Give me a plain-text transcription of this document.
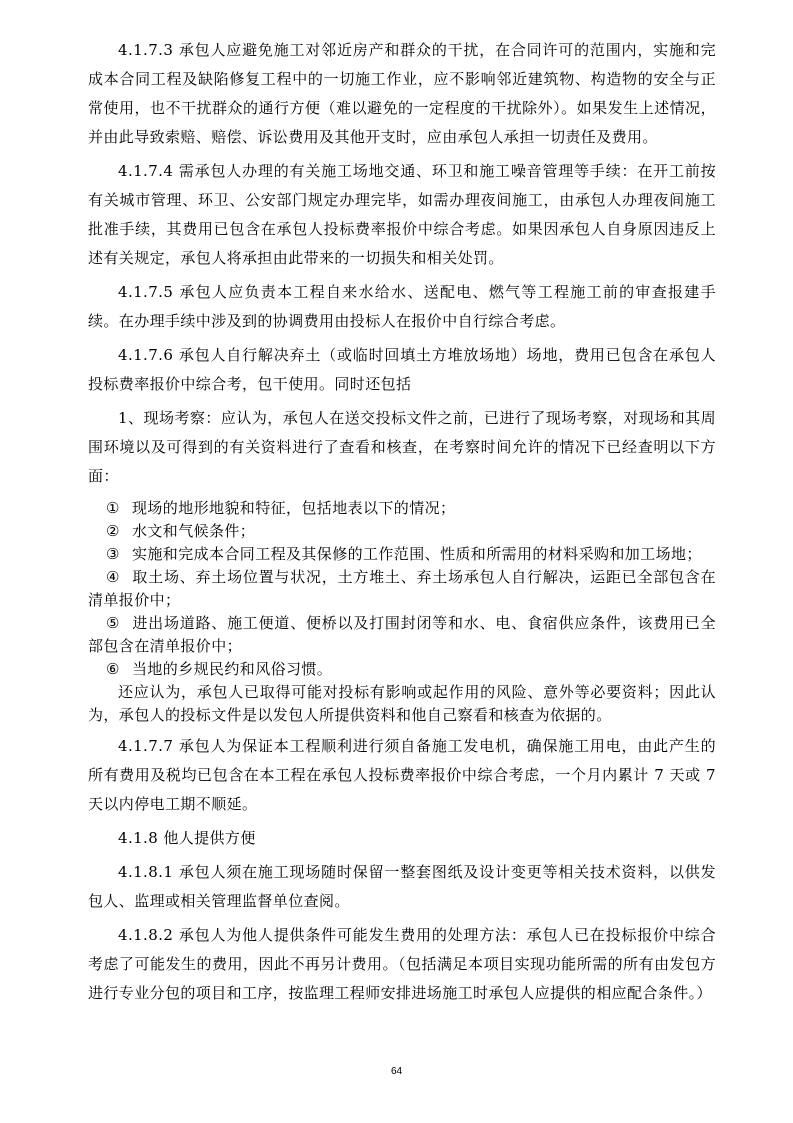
4.1.7.3 承包人应避免施工对邻近房产和群众的干扰，在合同许可的范围内，实施和完成本合同工程及缺陷修复工程中的一切施工作业，应不影响邻近建筑物、构造物的安全与正常使用，也不干扰群众的通行方便（难以避免的一定程度的干扰除外）。如果发生上述情况，并由此导致索赔、赔偿、诉讼费用及其他开支时，应由承包人承担一切责任及费用。

4.1.7.4 需承包人办理的有关施工场地交通、环卫和施工噪音管理等手续：在开工前按有关城市管理、环卫、公安部门规定办理完毕，如需办理夜间施工，由承包人办理夜间施工批准手续，其费用已包含在承包人投标费率报价中综合考虑。如果因承包人自身原因违反上述有关规定，承包人将承担由此带来的一切损失和相关处罚。

4.1.7.5 承包人应负责本工程自来水给水、送配电、燃气等工程施工前的审查报建手续。在办理手续中涉及到的协调费用由投标人在报价中自行综合考虑。

4.1.7.6 承包人自行解决弃土（或临时回填土方堆放场地）场地，费用已包含在承包人投标费率报价中综合考，包干使用。同时还包括

1、现场考察：应认为，承包人在送交投标文件之前，已进行了现场考察，对现场和其周围环境以及可得到的有关资料进行了查看和核查，在考察时间允许的情况下已经查明以下方面：

① 现场的地形地貌和特征，包括地表以下的情况；

② 水文和气候条件；

③ 实施和完成本合同工程及其保修的工作范围、性质和所需用的材料采购和加工场地；

④ 取土场、弃土场位置与状况，土方堆土、弃土场承包人自行解决，运距已全部包含在清单报价中；

⑤ 进出场道路、施工便道、便桥以及打围封闭等和水、电、食宿供应条件，该费用已全部包含在清单报价中；

⑥ 当地的乡规民约和风俗习惯。

还应认为，承包人已取得可能对投标有影响或起作用的风险、意外等必要资料；因此认为，承包人的投标文件是以发包人所提供资料和他自己察看和核查为依据的。

4.1.7.7 承包人为保证本工程顺利进行须自备施工发电机，确保施工用电，由此产生的所有费用及税均已包含在本工程在承包人投标费率报价中综合考虑，一个月内累计 7 天或 7 天以内停电工期不顺延。

4.1.8 他人提供方便

4.1.8.1 承包人须在施工现场随时保留一整套图纸及设计变更等相关技术资料，以供发包人、监理或相关管理监督单位查阅。

4.1.8.2 承包人为他人提供条件可能发生费用的处理方法：承包人已在投标报价中综合考虑了可能发生的费用，因此不再另计费用。（包括满足本项目实现功能所需的所有由发包方进行专业分包的项目和工序，按监理工程师安排进场施工时承包人应提供的相应配合条件。）

64
